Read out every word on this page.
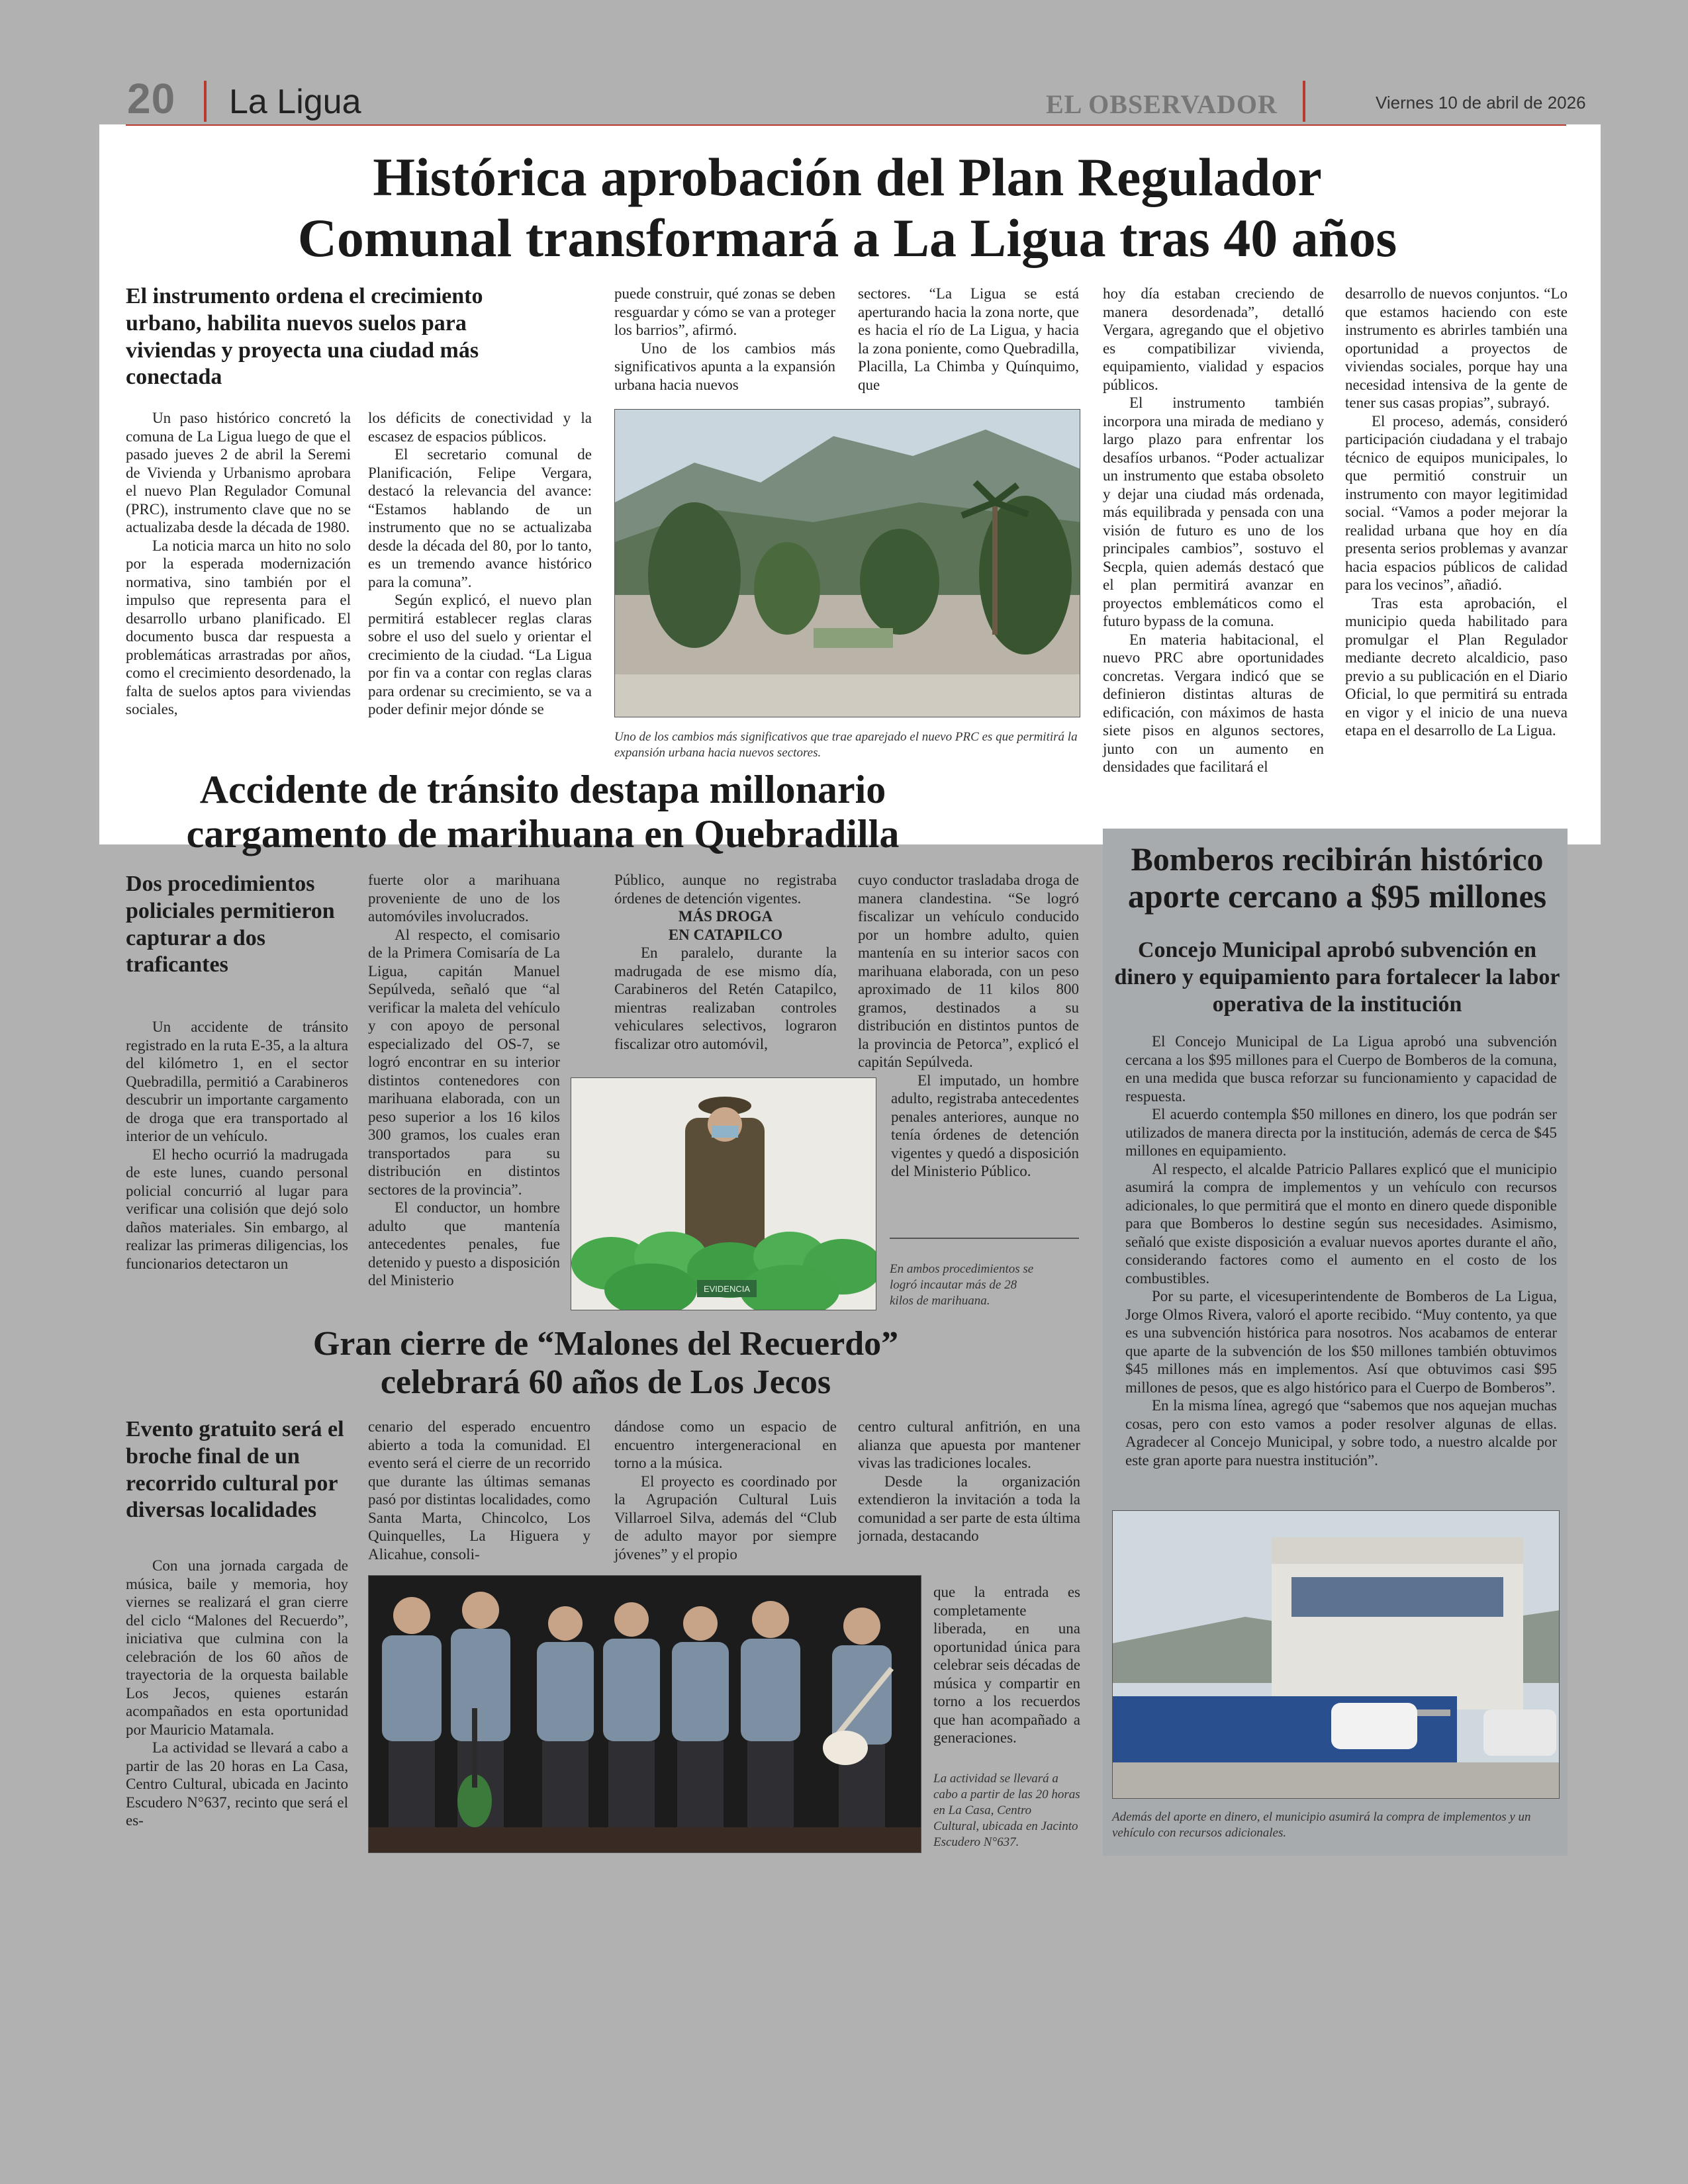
20 La Ligua	EL OBSERVADOR	Viernes 10 de abril de 2026
Histórica aprobación del Plan Regulador
Comunal transformará a La Ligua tras 40 años
El instrumento ordena el crecimiento urbano, habilita nuevos suelos para viviendas y proyecta una ciudad más conectada

Un paso histórico concretó la comuna de La Ligua luego de que el pasado jueves 2 de abril la Seremi de Vivienda y Urbanismo aprobara el nuevo Plan Regulador Comunal (PRC), instrumento clave que no se actualizaba desde la década de 1980.

La noticia marca un hito no solo por la esperada modernización normativa, sino también por el impulso que representa para el desarrollo urbano planificado. El documento busca dar respuesta a problemáticas arrastradas por años, como el crecimiento desordenado, la falta de suelos aptos para viviendas sociales,

los déficits de conectividad y la escasez de espacios públicos.

El secretario comunal de Planificación, Felipe Vergara, destacó la relevancia del avance: “Estamos hablando de un instrumento que no se actualizaba desde la década del 80, por lo tanto, es un tremendo avance histórico para la comuna”.

Según explicó, el nuevo plan permitirá establecer reglas claras sobre el uso del suelo y orientar el crecimiento de la ciudad. “La Ligua por fin va a contar con reglas claras para ordenar su crecimiento, se va a poder definir mejor dónde se

puede construir, qué zonas se deben resguardar y cómo se van a proteger los barrios”, afirmó.

Uno de los cambios más significativos apunta a la expansión urbana hacia nuevos

sectores. “La Ligua se está aperturando hacia la zona norte, que es hacia el río de La Ligua, y hacia la zona poniente, como Quebradilla, Placilla, La Chimba y Quínquimo, que

Uno de los cambios más significativos que trae aparejado el nuevo PRC es que permitirá la expansión urbana hacia nuevos sectores.

hoy día estaban creciendo de manera desordenada”, detalló Vergara, agregando que el objetivo es compatibilizar vivienda, equipamiento, vialidad y espacios públicos.

El instrumento también incorpora una mirada de mediano y largo plazo para enfrentar los desafíos urbanos. “Poder actualizar un instrumento que estaba obsoleto y dejar una ciudad más ordenada, más equilibrada y pensada con una visión de futuro es uno de los principales cambios”, sostuvo el Secpla, quien además destacó que el plan permitirá avanzar en proyectos emblemáticos como el futuro bypass de la comuna.

En materia habitacional, el nuevo PRC abre oportunidades concretas. Vergara indicó que se definieron distintas alturas de edificación, con máximos de hasta siete pisos en algunos sectores, junto con un aumento en densidades que facilitará el

desarrollo de nuevos conjuntos. “Lo que estamos haciendo con este instrumento es abrirles también una oportunidad a proyectos de viviendas sociales, porque hay una necesidad intensiva de la gente de tener sus casas propias”, subrayó.

El proceso, además, consideró participación ciudadana y el trabajo técnico de equipos municipales, lo que permitió construir un instrumento con mayor legitimidad social. “Vamos a poder mejorar la realidad urbana que hoy en día presenta serios problemas y avanzar hacia espacios públicos de calidad para los vecinos”, añadió.

Tras esta aprobación, el municipio queda habilitado para promulgar el Plan Regulador mediante decreto alcaldicio, paso previo a su publicación en el Diario Oficial, lo que permitirá su entrada en vigor y el inicio de una nueva etapa en el desarrollo de La Ligua.

Accidente de tránsito destapa millonario
cargamento de marihuana en Quebradilla
Dos procedimientos policiales permitieron capturar a dos traficantes

Un accidente de tránsito registrado en la ruta E-35, a la altura del kilómetro 1, en el sector Quebradilla, permitió a Carabineros descubrir un importante cargamento de droga que era transportado al interior de un vehículo.

El hecho ocurrió la madrugada de este lunes, cuando personal policial concurrió al lugar para verificar una colisión que dejó solo daños materiales. Sin embargo, al realizar las primeras diligencias, los funcionarios detectaron un

fuerte olor a marihuana proveniente de uno de los automóviles involucrados.

Al respecto, el comisario de la Primera Comisaría de La Ligua, capitán Manuel Sepúlveda, señaló que “al verificar la maleta del vehículo y con apoyo de personal especializado del OS-7, se logró encontrar en su interior distintos contenedores con marihuana elaborada, con un peso superior a los 16 kilos 300 gramos, los cuales eran transportados para su distribución en distintos sectores de la provincia”.

El conductor, un hombre adulto que mantenía antecedentes penales, fue detenido y puesto a disposición del Ministerio

Público, aunque no registraba órdenes de detención vigentes.

MÁS DROGA

EN CATAPILCO

En paralelo, durante la madrugada de ese mismo día, Carabineros del Retén Catapilco, mientras realizaban controles vehiculares selectivos, lograron fiscalizar otro automóvil,

cuyo conductor trasladaba droga de manera clandestina. “Se logró fiscalizar un vehículo conducido por un hombre adulto, quien mantenía en su interior sacos con marihuana elaborada, con un peso aproximado de 11 kilos 800 gramos, destinados a su distribución en distintos puntos de la provincia de Petorca”, explicó el capitán Sepúlveda.

El imputado, un hombre adulto, registraba antecedentes penales anteriores, aunque no tenía órdenes de detención vigentes y quedó a disposición del Ministerio Público.

EVIDENCIA
En ambos procedimientos se logró incautar más de 28 kilos de marihuana.
Bomberos recibirán histórico
aporte cercano a $95 millones
Concejo Municipal aprobó subvención en dinero y equipamiento para fortalecer la labor operativa de la institución

El Concejo Municipal de La Ligua aprobó una subvención cercana a los $95 millones para el Cuerpo de Bomberos de la comuna, en una medida que busca reforzar su funcionamiento y capacidad de respuesta.

El acuerdo contempla $50 millones en dinero, los que podrán ser utilizados de manera directa por la institución, además de cerca de $45 millones en equipamiento.

Al respecto, el alcalde Patricio Pallares explicó que el municipio asumirá la compra de implementos y un vehículo con recursos adicionales, lo que permitirá que el monto en dinero quede disponible para que Bomberos lo destine según sus necesidades. Asimismo, señaló que existe disposición a evaluar nuevos aportes durante el año, considerando factores como el aumento en el costo de los combustibles.

Por su parte, el vicesuperintendente de Bomberos de La Ligua, Jorge Olmos Rivera, valoró el aporte recibido. “Muy contento, ya que es una subvención histórica para nosotros. Nos acabamos de enterar que aparte de la subvención de los $50 millones también obtuvimos $45 millones más en implementos. Así que obtuvimos casi $95 millones de pesos, que es algo histórico para el Cuerpo de Bomberos”.

En la misma línea, agregó que “sabemos que nos aquejan muchas cosas, pero con esto vamos a poder resolver algunas de ellas. Agradecer al Concejo Municipal, y sobre todo, a nuestro alcalde por este gran aporte para nuestra institución”.

Además del aporte en dinero, el municipio asumirá la compra de implementos y un vehículo con recursos adicionales.
Gran cierre de “Malones del Recuerdo”
celebrará 60 años de Los Jecos
Evento gratuito será el broche final de un recorrido cultural por diversas localidades

Con una jornada cargada de música, baile y memoria, hoy viernes se realizará el gran cierre del ciclo “Malones del Recuerdo”, iniciativa que culmina con la celebración de los 60 años de trayectoria de la orquesta bailable Los Jecos, quienes estarán acompañados en esta oportunidad por Mauricio Matamala.

La actividad se llevará a cabo a partir de las 20 horas en La Casa, Centro Cultural, ubicada en Jacinto Escudero N°637, recinto que será el es-

cenario del esperado encuentro abierto a toda la comunidad. El evento será el cierre de un recorrido que durante las últimas semanas pasó por distintas localidades, como Santa Marta, Chincolco, Los Quinquelles, La Higuera y Alicahue, consoli-

dándose como un espacio de encuentro intergeneracional en torno a la música.

El proyecto es coordinado por la Agrupación Cultural Luis Villarroel Silva, además del “Club de adulto mayor por siempre jóvenes” y el propio

centro cultural anfitrión, en una alianza que apuesta por mantener vivas las tradiciones locales.

Desde la organización extendieron la invitación a toda la comunidad a ser parte de esta última jornada, destacando

que la entrada es completamente liberada, en una oportunidad única para celebrar seis décadas de música y compartir en torno a los recuerdos que han acompañado a generaciones.

La actividad se llevará a cabo a partir de las 20 horas en La Casa, Centro Cultural, ubicada en Jacinto Escudero N°637.
